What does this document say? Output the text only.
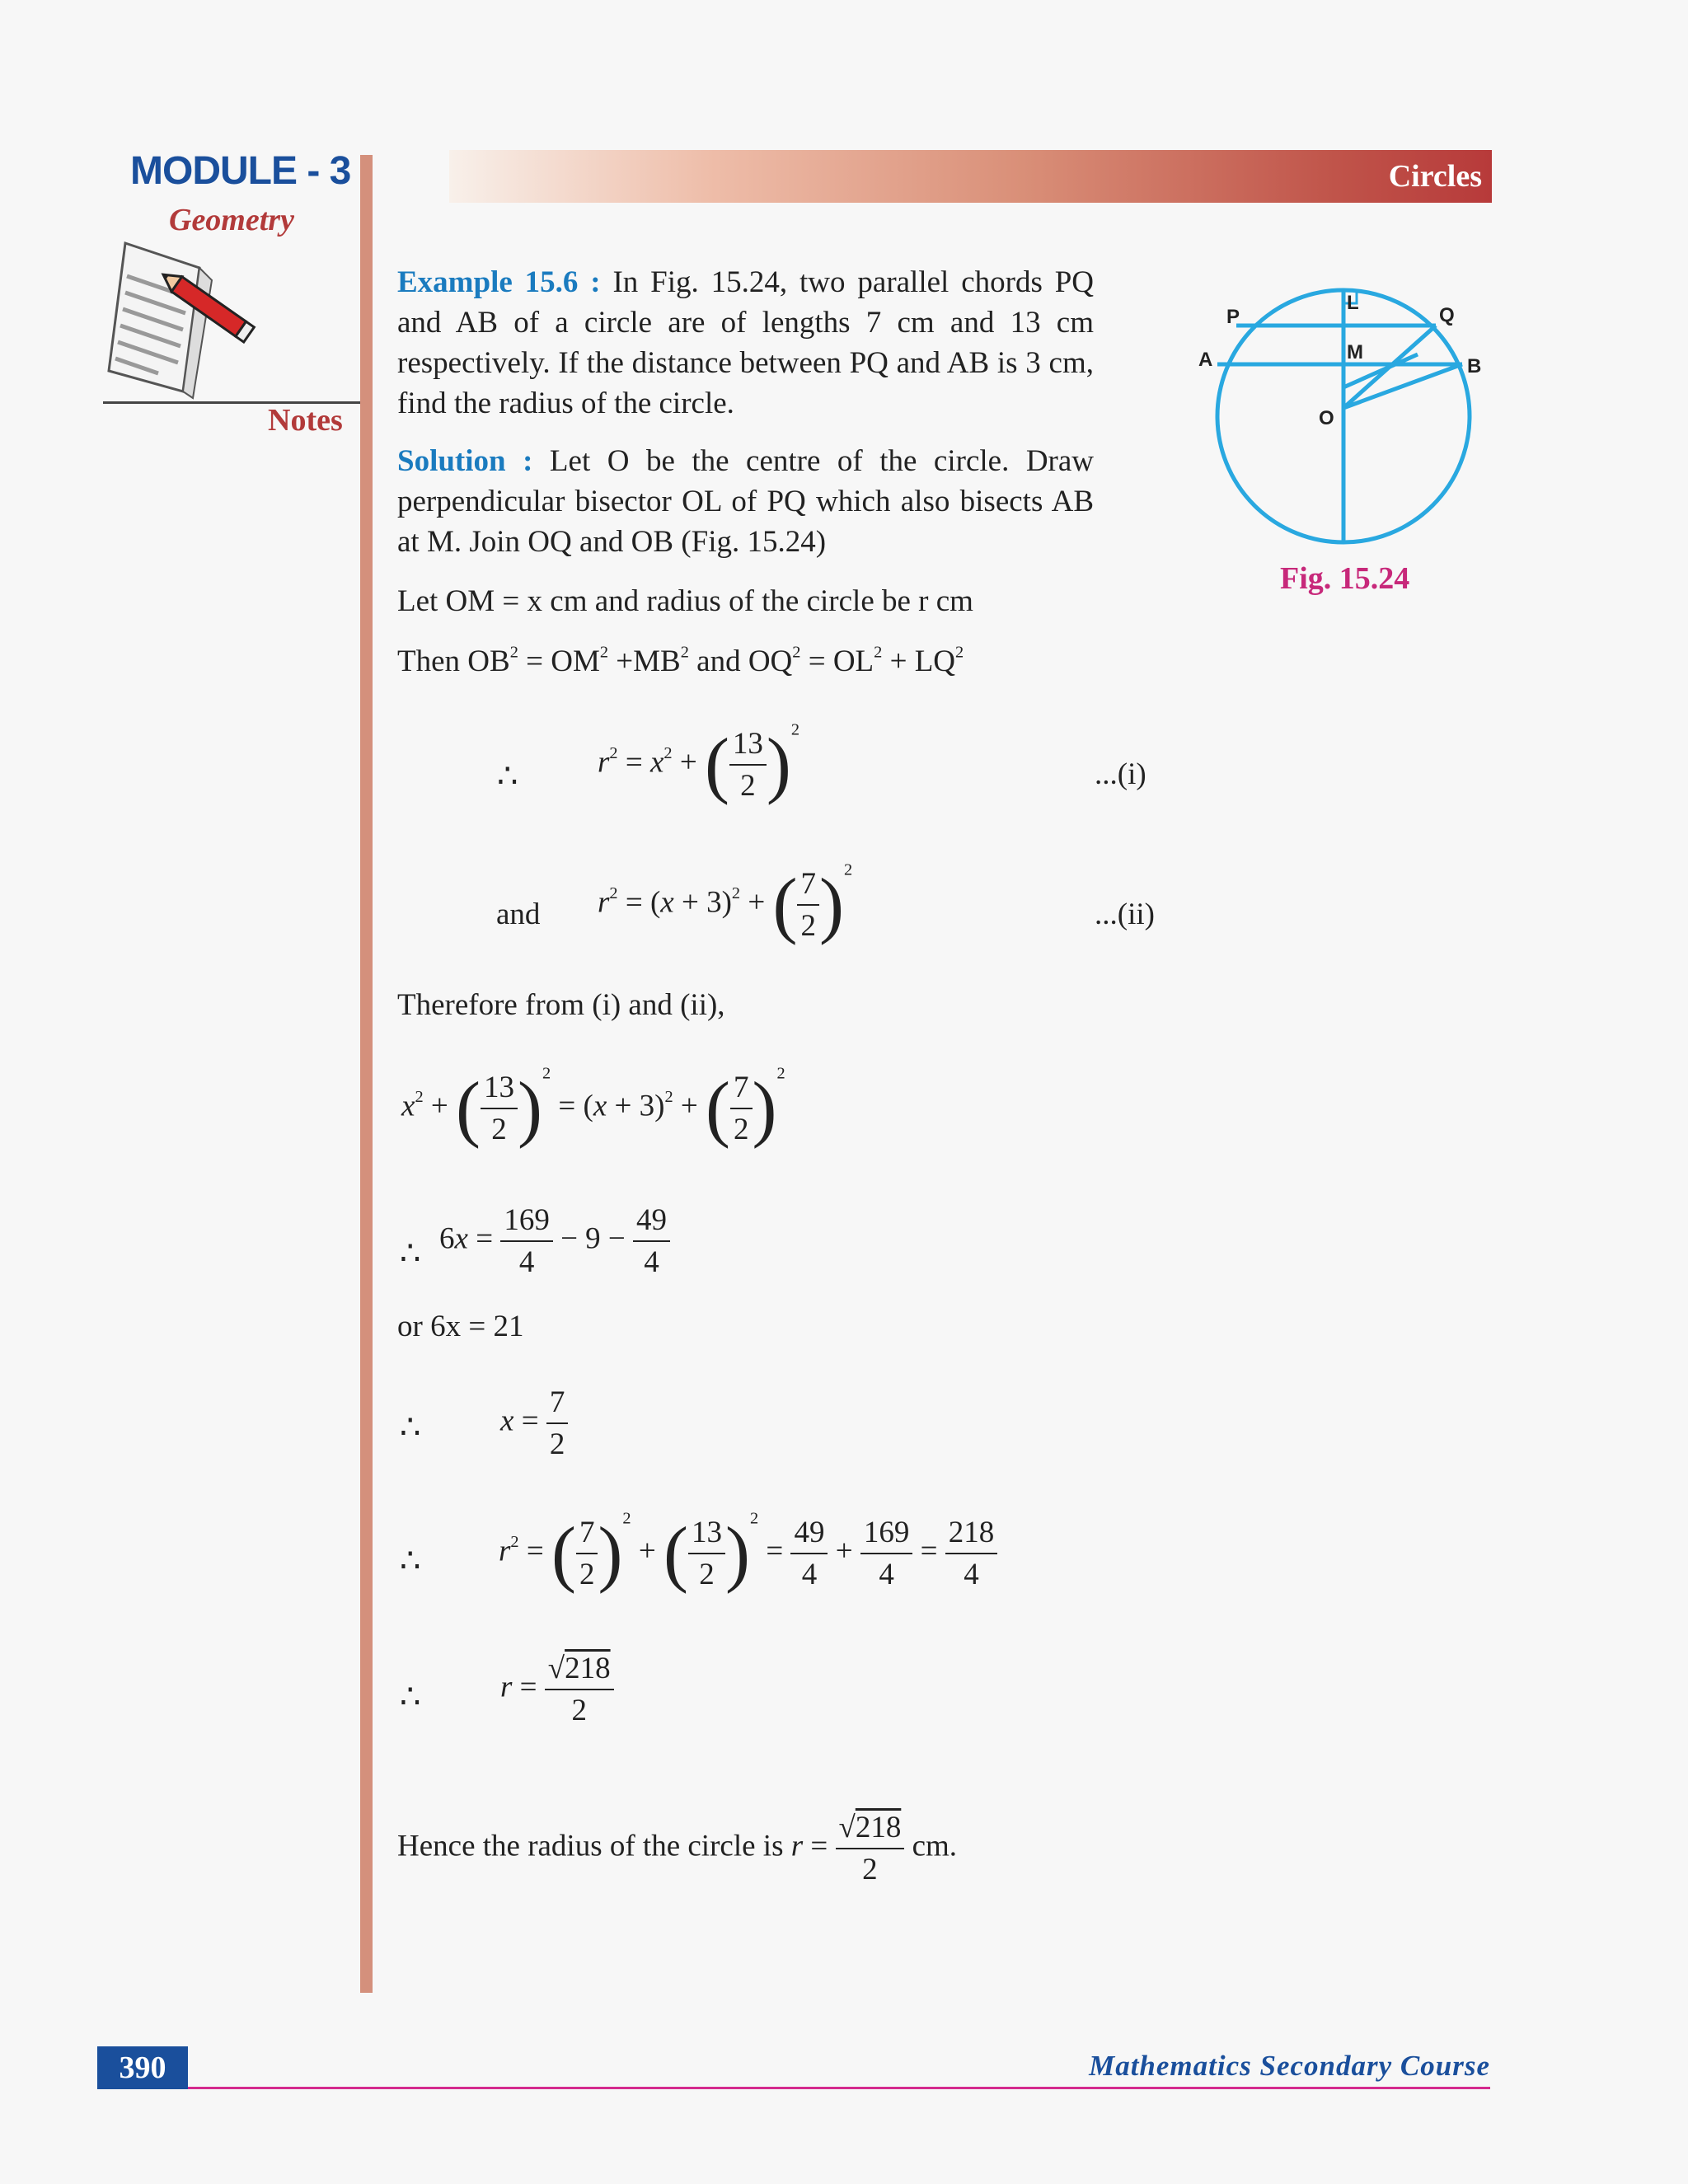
MODULE - 3
Geometry
Notes
Circles
Example 15.6 : In Fig. 15.24, two parallel chords PQ and AB of a circle are of lengths 7 cm and 13 cm respectively. If the distance between PQ and AB is 3 cm, find the radius of the circle.
Solution : Let O be the centre of the circle. Draw perpendicular bisector OL of PQ which also bisects AB at M. Join OQ and OB (Fig. 15.24)
Let OM = x cm and radius of the circle be r cm
Then $OB^2 = OM^2 +MB^2$ and $OQ^2 = OL^2 + LQ^2$
∴	$r^2 = x^2$ + ( $\frac{13}{2} )^2$
...(i)
and $r^2 = (x + 3)^2$ + ( $\frac{7}{2} )^2$
...(ii)
Therefore from (i) and (ii),
$x^2$ + ( $\frac{13}{2} )^2 = (x + 3)^2$ + ( $\frac{7}{2} )^2$
∴ $6x = \frac{169}{4} - 9 - \frac{49}{4}$
or 6x = 21
∴	$x = \frac{7}{2}$
∴	$r^2$ = ( $\frac{7}{2} )^2$ + ( $\frac{13}{2} )^2 = \frac{49}{4} + \frac{169}{4} = \frac{218}{4}$
∴	$r = \frac{√218}{2}$
Hence the radius of the circle is $r = \frac{√218}{2}$ cm.
P
L
Q
A	M
B
O
Fig. 15.24
390	Mathematics Secondary Course
